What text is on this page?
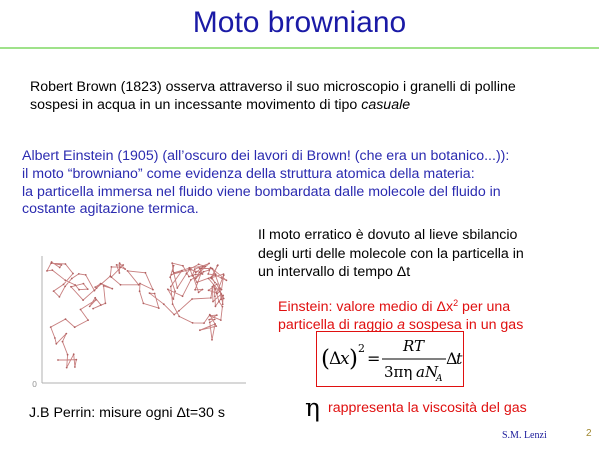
Moto browniano
Robert Brown (1823) osserva attraverso il suo microscopio i granelli di polline
sospesi in acqua in un incessante movimento di tipo casuale
Albert Einstein (1905) (all’oscuro dei lavori di Brown! (che era un botanico...)):
il moto “browniano” come evidenza della struttura atomica della materia:
la particella immersa nel fluido viene bombardata dalle molecole del fluido in
costante agitazione termica.
Il moto erratico è dovuto al lieve sbilancio
degli urti delle molecole con la particella in
un intervallo di tempo Δt
Einstein: valore medio di $\Delta x^2$ per una
particella di raggio a sospesa in un gas
( Δ
x ) 2
=
RT
3πη a N
A
Δ
t
0
J.B Perrin: misure ogni Δt=30 s	η rappresenta la viscosità del gas
S.M. Lenzi	2
